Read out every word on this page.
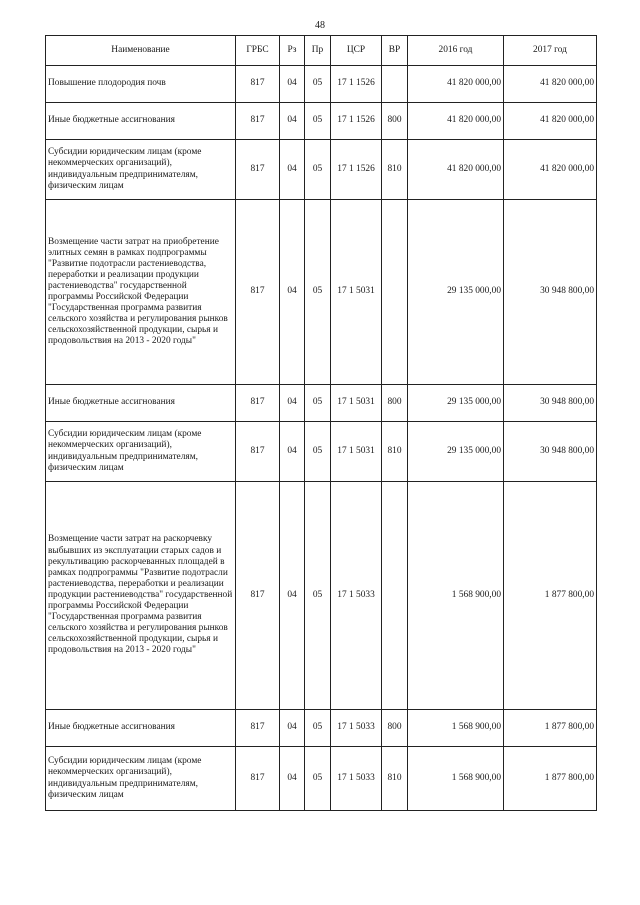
48
Наименование	ГРБС	Рз	Пр	ЦСР	ВР	2016 год	2017 год
Повышение плодородия почв	817	04	05	17 1 1526		41 820 000,00	41 820 000,00
Иные бюджетные ассигнования	817	04	05	17 1 1526	800	41 820 000,00	41 820 000,00
Субсидии юридическим лицам (кроме некоммерческих организаций), индивидуальным предпринимателям, физическим лицам	817	04	05	17 1 1526	810	41 820 000,00	41 820 000,00
Возмещение части затрат на приобретение элитных семян в рамках подпрограммы "Развитие подотрасли растениеводства, переработки и реализации продукции растениеводства" государственной программы Российской Федерации "Государственная программа развития сельского хозяйства и регулирования рынков сельскохозяйственной продукции, сырья и продовольствия на 2013 - 2020 годы"	817	04	05	17 1 5031		29 135 000,00	30 948 800,00
Иные бюджетные ассигнования	817	04	05	17 1 5031	800	29 135 000,00	30 948 800,00
Субсидии юридическим лицам (кроме некоммерческих организаций), индивидуальным предпринимателям, физическим лицам	817	04	05	17 1 5031	810	29 135 000,00	30 948 800,00
Возмещение части затрат на раскорчевку выбывших из эксплуатации старых садов и рекультивацию раскорчеванных площадей в рамках подпрограммы "Развитие подотрасли растениеводства, переработки и реализации продукции растениеводства" государственной программы Российской Федерации "Государственная программа развития сельского хозяйства и регулирования рынков сельскохозяйственной продукции, сырья и продовольствия на 2013 - 2020 годы"	817	04	05	17 1 5033		1 568 900,00	1 877 800,00
Иные бюджетные ассигнования	817	04	05	17 1 5033	800	1 568 900,00	1 877 800,00
Субсидии юридическим лицам (кроме некоммерческих организаций), индивидуальным предпринимателям, физическим лицам	817	04	05	17 1 5033	810	1 568 900,00	1 877 800,00
